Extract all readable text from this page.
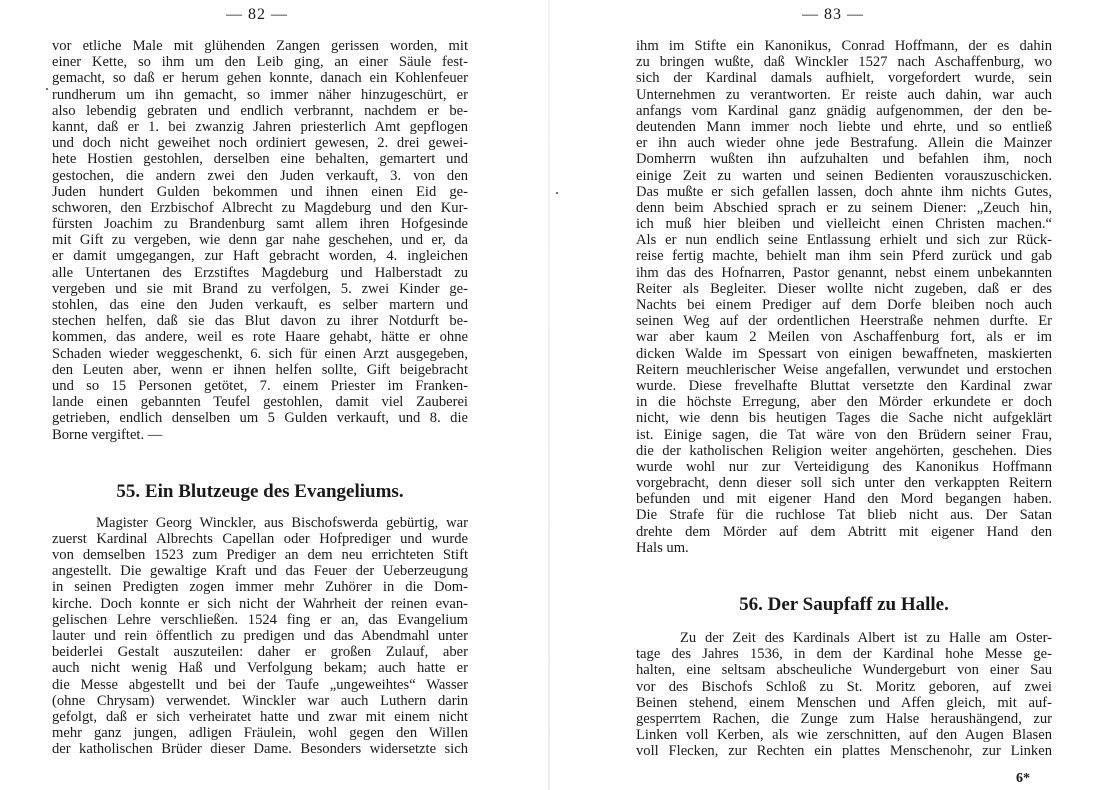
— 82 —
vor etliche Male mit glühenden Zangen gerissen worden, mit
einer Kette, so ihm um den Leib ging, an einer Säule fest-
gemacht, so daß er herum gehen konnte, danach ein Kohlenfeuer
rundherum um ihn gemacht, so immer näher hinzugeschürt, er
also lebendig gebraten und endlich verbrannt, nachdem er be-
kannt, daß er 1. bei zwanzig Jahren priesterlich Amt gepflogen
und doch nicht geweihet noch ordiniert gewesen, 2. drei gewei-
hete Hostien gestohlen, derselben eine behalten, gemartert und
gestochen, die andern zwei den Juden verkauft, 3. von den
Juden hundert Gulden bekommen und ihnen einen Eid ge-
schworen, den Erzbischof Albrecht zu Magdeburg und den Kur-
fürsten Joachim zu Brandenburg samt allem ihren Hofgesinde
mit Gift zu vergeben, wie denn gar nahe geschehen, und er, da
er damit umgegangen, zur Haft gebracht worden, 4. ingleichen
alle Untertanen des Erzstiftes Magdeburg und Halberstadt zu
vergeben und sie mit Brand zu verfolgen, 5. zwei Kinder ge-
stohlen, das eine den Juden verkauft, es selber martern und
stechen helfen, daß sie das Blut davon zu ihrer Notdurft be-
kommen, das andere, weil es rote Haare gehabt, hätte er ohne
Schaden wieder weggeschenkt, 6. sich für einen Arzt ausgegeben,
den Leuten aber, wenn er ihnen helfen sollte, Gift beigebracht
und so 15 Personen getötet, 7. einem Priester im Franken-
lande einen gebannten Teufel gestohlen, damit viel Zauberei
getrieben, endlich denselben um 5 Gulden verkauft, und 8. die
Borne vergiftet. —
55. Ein Blutzeuge des Evangeliums.
Magister Georg Winckler, aus Bischofswerda gebürtig, war
zuerst Kardinal Albrechts Capellan oder Hofprediger und wurde
von demselben 1523 zum Prediger an dem neu errichteten Stift
angestellt. Die gewaltige Kraft und das Feuer der Ueberzeugung
in seinen Predigten zogen immer mehr Zuhörer in die Dom-
kirche. Doch konnte er sich nicht der Wahrheit der reinen evan-
gelischen Lehre verschließen. 1524 fing er an, das Evangelium
lauter und rein öffentlich zu predigen und das Abendmahl unter
beiderlei Gestalt auszuteilen: daher er großen Zulauf, aber
auch nicht wenig Haß und Verfolgung bekam; auch hatte er
die Messe abgestellt und bei der Taufe „ungeweihtes“ Wasser
(ohne Chrysam) verwendet. Winckler war auch Luthern darin
gefolgt, daß er sich verheiratet hatte und zwar mit einem nicht
mehr ganz jungen, adligen Fräulein, wohl gegen den Willen
der katholischen Brüder dieser Dame. Besonders widersetzte sich
— 83 —
ihm im Stifte ein Kanonikus, Conrad Hoffmann, der es dahin
zu bringen wußte, daß Winckler 1527 nach Aschaffenburg, wo
sich der Kardinal damals aufhielt, vorgefordert wurde, sein
Unternehmen zu verantworten. Er reiste auch dahin, war auch
anfangs vom Kardinal ganz gnädig aufgenommen, der den be-
deutenden Mann immer noch liebte und ehrte, und so entließ
er ihn auch wieder ohne jede Bestrafung. Allein die Mainzer
Domherrn wußten ihn aufzuhalten und befahlen ihm, noch
einige Zeit zu warten und seinen Bedienten vorauszuschicken.
Das mußte er sich gefallen lassen, doch ahnte ihm nichts Gutes,
denn beim Abschied sprach er zu seinem Diener: „Zeuch hin,
ich muß hier bleiben und vielleicht einen Christen machen.“
Als er nun endlich seine Entlassung erhielt und sich zur Rück-
reise fertig machte, behielt man ihm sein Pferd zurück und gab
ihm das des Hofnarren, Pastor genannt, nebst einem unbekannten
Reiter als Begleiter. Dieser wollte nicht zugeben, daß er des
Nachts bei einem Prediger auf dem Dorfe bleiben noch auch
seinen Weg auf der ordentlichen Heerstraße nehmen durfte. Er
war aber kaum 2 Meilen von Aschaffenburg fort, als er im
dicken Walde im Spessart von einigen bewaffneten, maskierten
Reitern meuchlerischer Weise angefallen, verwundet und erstochen
wurde. Diese frevelhafte Bluttat versetzte den Kardinal zwar
in die höchste Erregung, aber den Mörder erkundete er doch
nicht, wie denn bis heutigen Tages die Sache nicht aufgeklärt
ist. Einige sagen, die Tat wäre von den Brüdern seiner Frau,
die der katholischen Religion weiter angehörten, geschehen. Dies
wurde wohl nur zur Verteidigung des Kanonikus Hoffmann
vorgebracht, denn dieser soll sich unter den verkappten Reitern
befunden und mit eigener Hand den Mord begangen haben.
Die Strafe für die ruchlose Tat blieb nicht aus. Der Satan
drehte dem Mörder auf dem Abtritt mit eigener Hand den
Hals um.
56. Der Saupfaff zu Halle.
Zu der Zeit des Kardinals Albert ist zu Halle am Oster-
tage des Jahres 1536, in dem der Kardinal hohe Messe ge-
halten, eine seltsam abscheuliche Wundergeburt von einer Sau
vor des Bischofs Schloß zu St. Moritz geboren, auf zwei
Beinen stehend, einem Menschen und Affen gleich, mit auf-
gesperrtem Rachen, die Zunge zum Halse heraushängend, zur
Linken voll Kerben, als wie zerschnitten, auf den Augen Blasen
voll Flecken, zur Rechten ein plattes Menschenohr, zur Linken
6*
